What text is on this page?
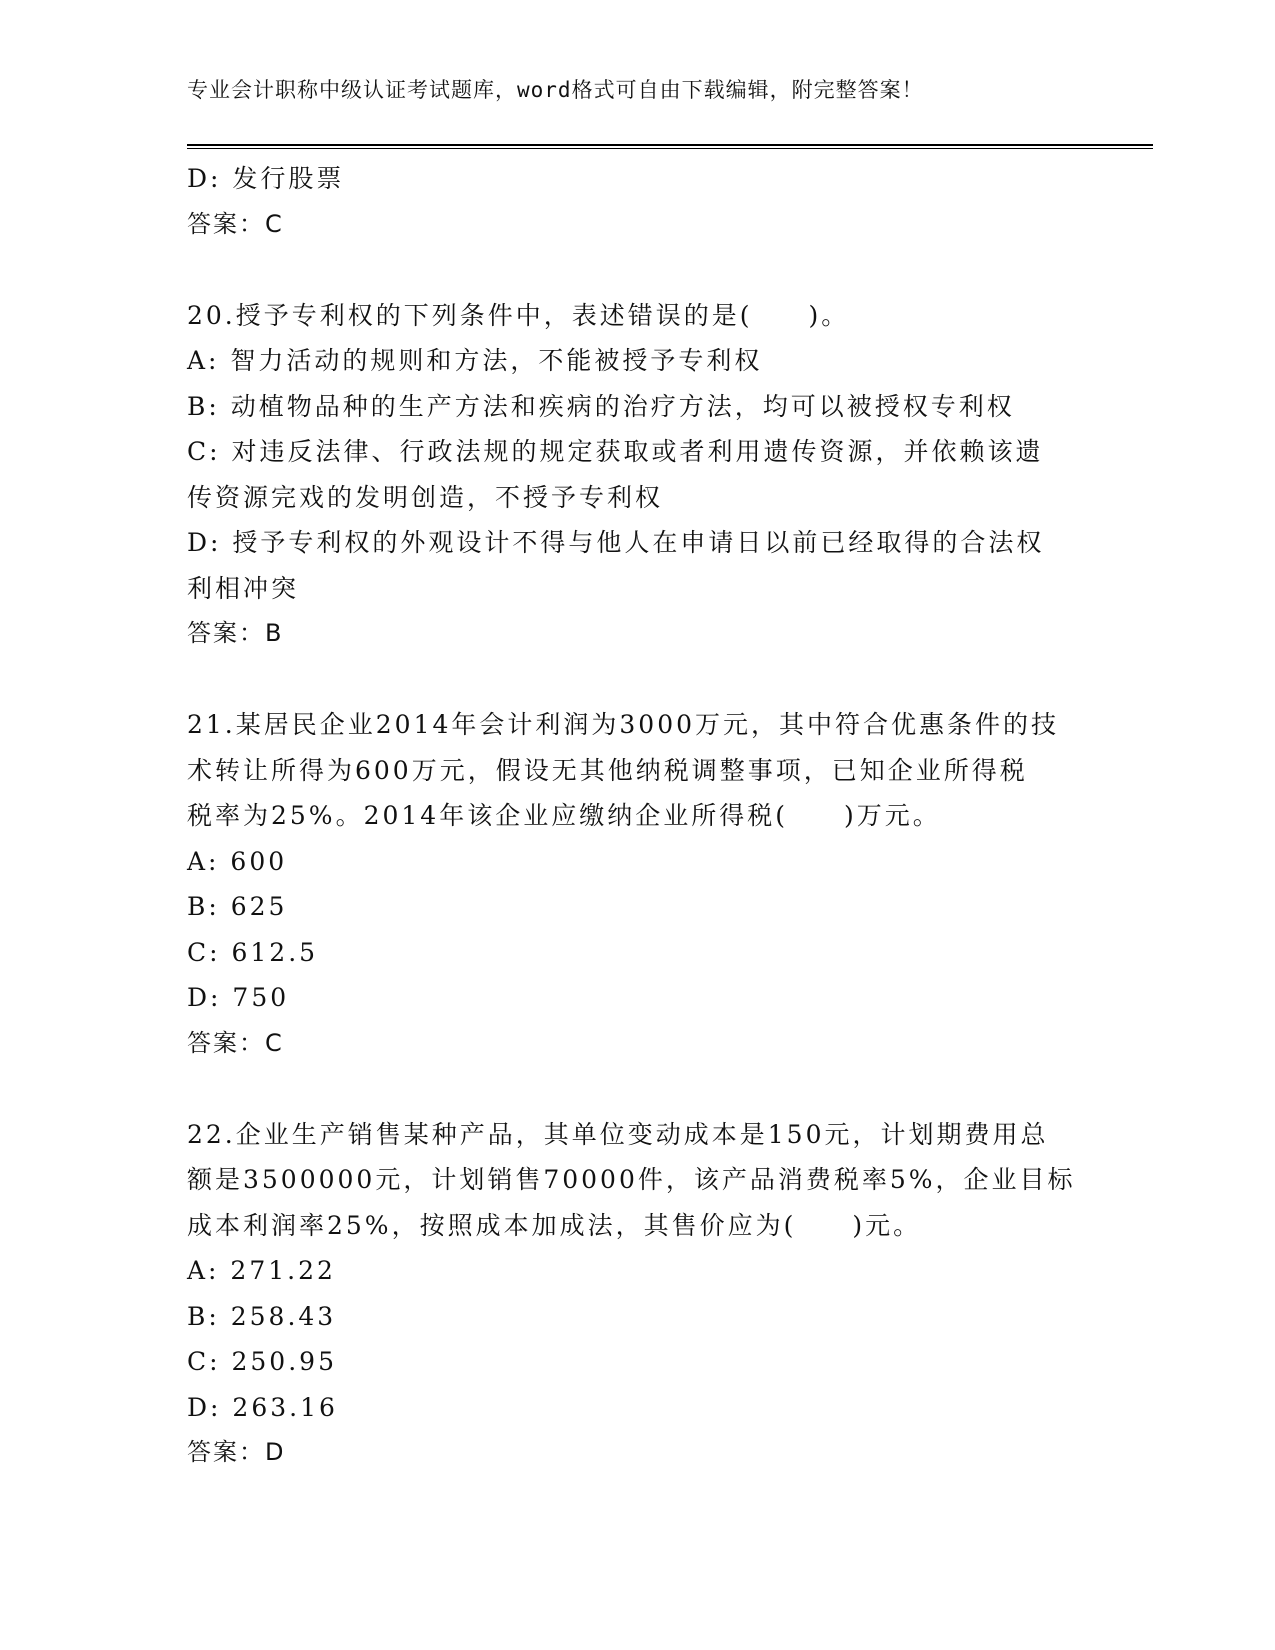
专业会计职称中级认证考试题库，word格式可自由下载编辑，附完整答案！
D: 发行股票
答案：C
20.授予专利权的下列条件中，表述错误的是(　　)。
A: 智力活动的规则和方法，不能被授予专利权
B: 动植物品种的生产方法和疾病的治疗方法，均可以被授权专利权
C: 对违反法律、行政法规的规定获取或者利用遗传资源，并依赖该遗
传资源完戏的发明创造，不授予专利权
D: 授予专利权的外观设计不得与他人在申请日以前已经取得的合法权
利相冲突
答案：B
21.某居民企业2014年会计利润为3000万元，其中符合优惠条件的技
术转让所得为600万元，假设无其他纳税调整事项，已知企业所得税
税率为25%。2014年该企业应缴纳企业所得税(　　)万元。
A: 600
B: 625
C: 612.5
D: 750
答案：C
22.企业生产销售某种产品，其单位变动成本是150元，计划期费用总
额是3500000元，计划销售70000件，该产品消费税率5%，企业目标
成本利润率25%，按照成本加成法，其售价应为(　　)元。
A: 271.22
B: 258.43
C: 250.95
D: 263.16
答案：D
